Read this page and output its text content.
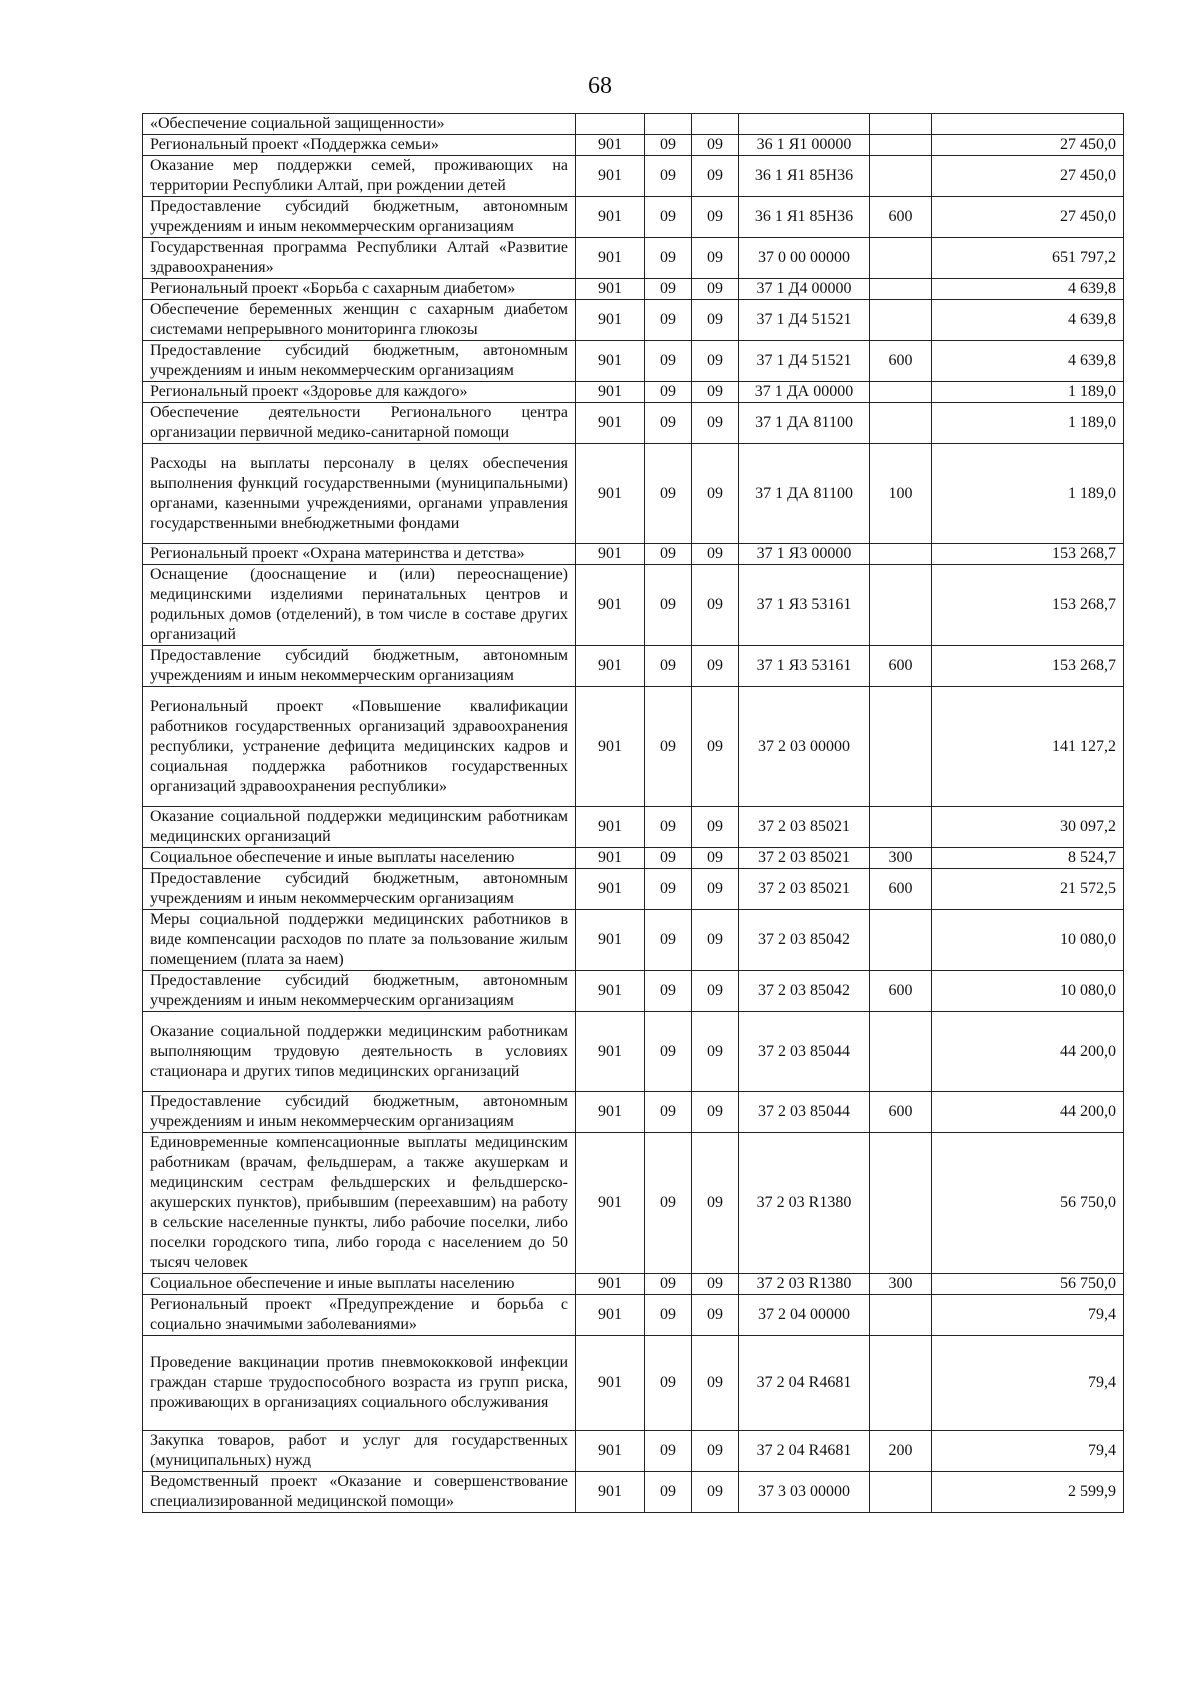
68
«Обеспечение социальной защищенности»						
Региональный проект «Поддержка семьи»	901	09	09	36 1 Я1 00000		27 450,0
Оказание мер поддержки семей, проживающих на территории Республики Алтай, при рождении детей	901	09	09	36 1 Я1 85Н36		27 450,0
Предоставление субсидий бюджетным, автономным учреждениям и иным некоммерческим организациям	901	09	09	36 1 Я1 85Н36	600	27 450,0
Государственная программа Республики Алтай «Развитие здравоохранения»	901	09	09	37 0 00 00000		651 797,2
Региональный проект «Борьба с сахарным диабетом»	901	09	09	37 1 Д4 00000		4 639,8
Обеспечение беременных женщин с сахарным диабетом системами непрерывного мониторинга глюкозы	901	09	09	37 1 Д4 51521		4 639,8
Предоставление субсидий бюджетным, автономным учреждениям и иным некоммерческим организациям	901	09	09	37 1 Д4 51521	600	4 639,8
Региональный проект «Здоровье для каждого»	901	09	09	37 1 ДА 00000		1 189,0
Обеспечение деятельности Регионального центра организации первичной медико-санитарной помощи	901	09	09	37 1 ДА 81100		1 189,0
Расходы на выплаты персоналу в целях обеспечения выполнения функций государственными (муниципальными) органами, казенными учреждениями, органами управления государственными внебюджетными фондами	901	09	09	37 1 ДА 81100	100	1 189,0
Региональный проект «Охрана материнства и детства»	901	09	09	37 1 Я3 00000		153 268,7
Оснащение (дооснащение и (или) переоснащение) медицинскими изделиями перинатальных центров и родильных домов (отделений), в том числе в составе других организаций	901	09	09	37 1 Я3 53161		153 268,7
Предоставление субсидий бюджетным, автономным учреждениям и иным некоммерческим организациям	901	09	09	37 1 Я3 53161	600	153 268,7
Региональный проект «Повышение квалификации работников государственных организаций здравоохранения республики, устранение дефицита медицинских кадров и социальная поддержка работников государственных организаций здравоохранения республики»	901	09	09	37 2 03 00000		141 127,2
Оказание социальной поддержки медицинским работникам медицинских организаций	901	09	09	37 2 03 85021		30 097,2
Социальное обеспечение и иные выплаты населению	901	09	09	37 2 03 85021	300	8 524,7
Предоставление субсидий бюджетным, автономным учреждениям и иным некоммерческим организациям	901	09	09	37 2 03 85021	600	21 572,5
Меры социальной поддержки медицинских работников в виде компенсации расходов по плате за пользование жилым помещением (плата за наем)	901	09	09	37 2 03 85042		10 080,0
Предоставление субсидий бюджетным, автономным учреждениям и иным некоммерческим организациям	901	09	09	37 2 03 85042	600	10 080,0
Оказание социальной поддержки медицинским работникам выполняющим трудовую деятельность в условиях стационара и других типов медицинских организаций	901	09	09	37 2 03 85044		44 200,0
Предоставление субсидий бюджетным, автономным учреждениям и иным некоммерческим организациям	901	09	09	37 2 03 85044	600	44 200,0
Единовременные компенсационные выплаты медицинским работникам (врачам, фельдшерам, а также акушеркам и медицинским сестрам фельдшерских и фельдшерско-акушерских пунктов), прибывшим (переехавшим) на работу в сельские населенные пункты, либо рабочие поселки, либо поселки городского типа, либо города с населением до 50 тысяч человек	901	09	09	37 2 03 R1380		56 750,0
Социальное обеспечение и иные выплаты населению	901	09	09	37 2 03 R1380	300	56 750,0
Региональный проект «Предупреждение и борьба с социально значимыми заболеваниями»	901	09	09	37 2 04 00000		79,4
Проведение вакцинации против пневмококковой инфекции граждан старше трудоспособного возраста из групп риска, проживающих в организациях социального обслуживания	901	09	09	37 2 04 R4681		79,4
Закупка товаров, работ и услуг для государственных (муниципальных) нужд	901	09	09	37 2 04 R4681	200	79,4
Ведомственный проект «Оказание и совершенствование специализированной медицинской помощи»	901	09	09	37 3 03 00000		2 599,9
